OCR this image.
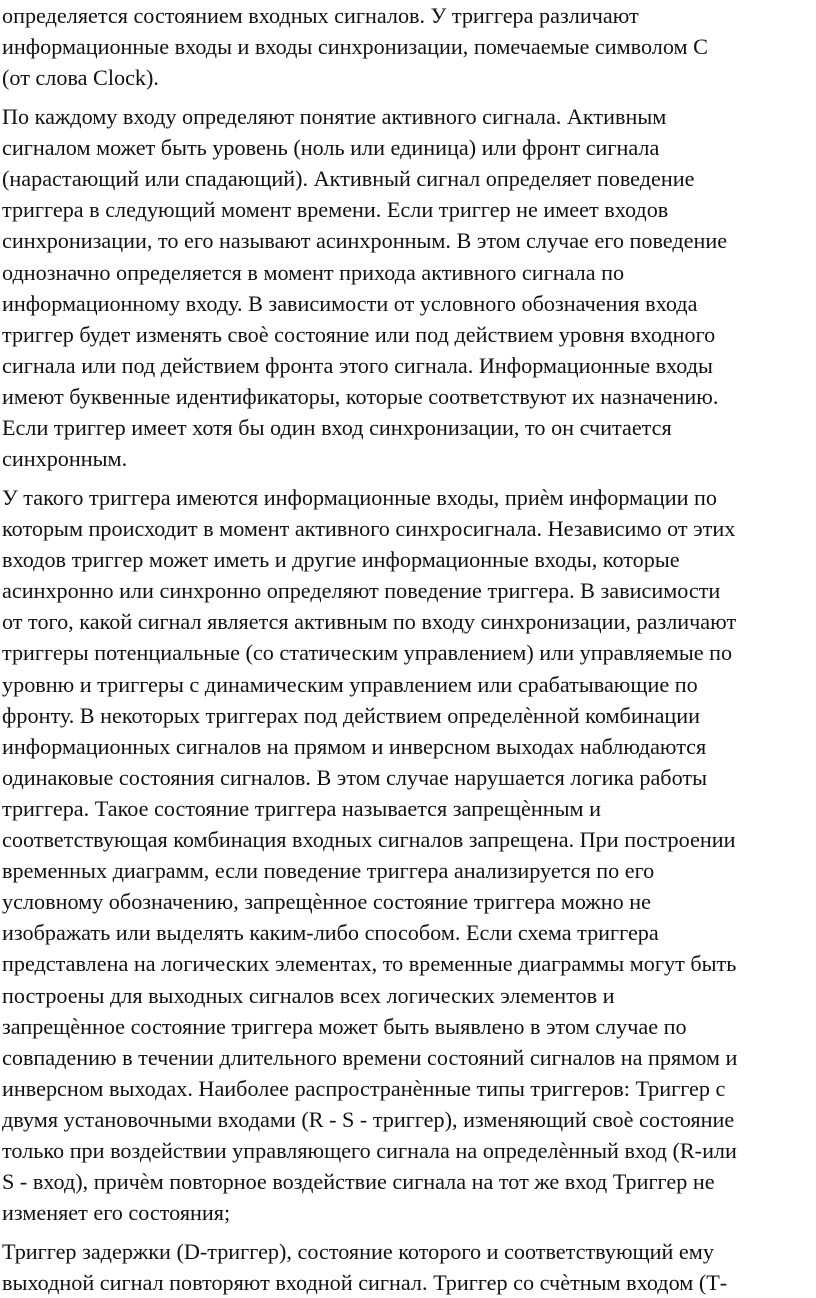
определяется состоянием входных сигналов. У триггера различают
информационные входы и входы синхронизации, помечаемые символом С
(от слова Clock).

По каждому входу определяют понятие активного сигнала. Активным
сигналом может быть уровень (ноль или единица) или фронт сигнала
(нарастающий или спадающий). Активный сигнал определяет поведение
триггера в следующий момент времени. Если триггер не имеет входов
синхронизации, то его называют асинхронным. В этом случае его поведение
однозначно определяется в момент прихода активного сигнала по
информационному входу. В зависимости от условного обозначения входа
триггер будет изменять своѐ состояние или под действием уровня входного
сигнала или под действием фронта этого сигнала. Информационные входы
имеют буквенные идентификаторы, которые соответствуют их назначению.
Если триггер имеет хотя бы один вход синхронизации, то он считается
синхронным.

У такого триггера имеются информационные входы, приѐм информации по
которым происходит в момент активного синхросигнала. Независимо от этих
входов триггер может иметь и другие информационные входы, которые
асинхронно или синхронно определяют поведение триггера. В зависимости
от того, какой сигнал является активным по входу синхронизации, различают
триггеры потенциальные (со статическим управлением) или управляемые по
уровню и триггеры с динамическим управлением или срабатывающие по
фронту. В некоторых триггерах под действием определѐнной комбинации
информационных сигналов на прямом и инверсном выходах наблюдаются
одинаковые состояния сигналов. В этом случае нарушается логика работы
триггера. Такое состояние триггера называется запрещѐнным и
соответствующая комбинация входных сигналов запрещена. При построении
временных диаграмм, если поведение триггера анализируется по его
условному обозначению, запрещѐнное состояние триггера можно не
изображать или выделять каким-либо способом. Если схема триггера
представлена на логических элементах, то временные диаграммы могут быть
построены для выходных сигналов всех логических элементов и
запрещѐнное состояние триггера может быть выявлено в этом случае по
совпадению в течении длительного времени состояний сигналов на прямом и
инверсном выходах. Наиболее распространѐнные типы триггеров: Триггер с
двумя установочными входами (R - S - триггер), изменяющий своѐ состояние
только при воздействии управляющего сигнала на определѐнный вход (R-или
S - вход), причѐм повторное воздействие сигнала на тот же вход Триггер не
изменяет его состояния;

Триггер задержки (D-триггер), состояние которого и соответствующий ему
выходной сигнал повторяют входной сигнал. Триггер со счѐтным входом (Т-
